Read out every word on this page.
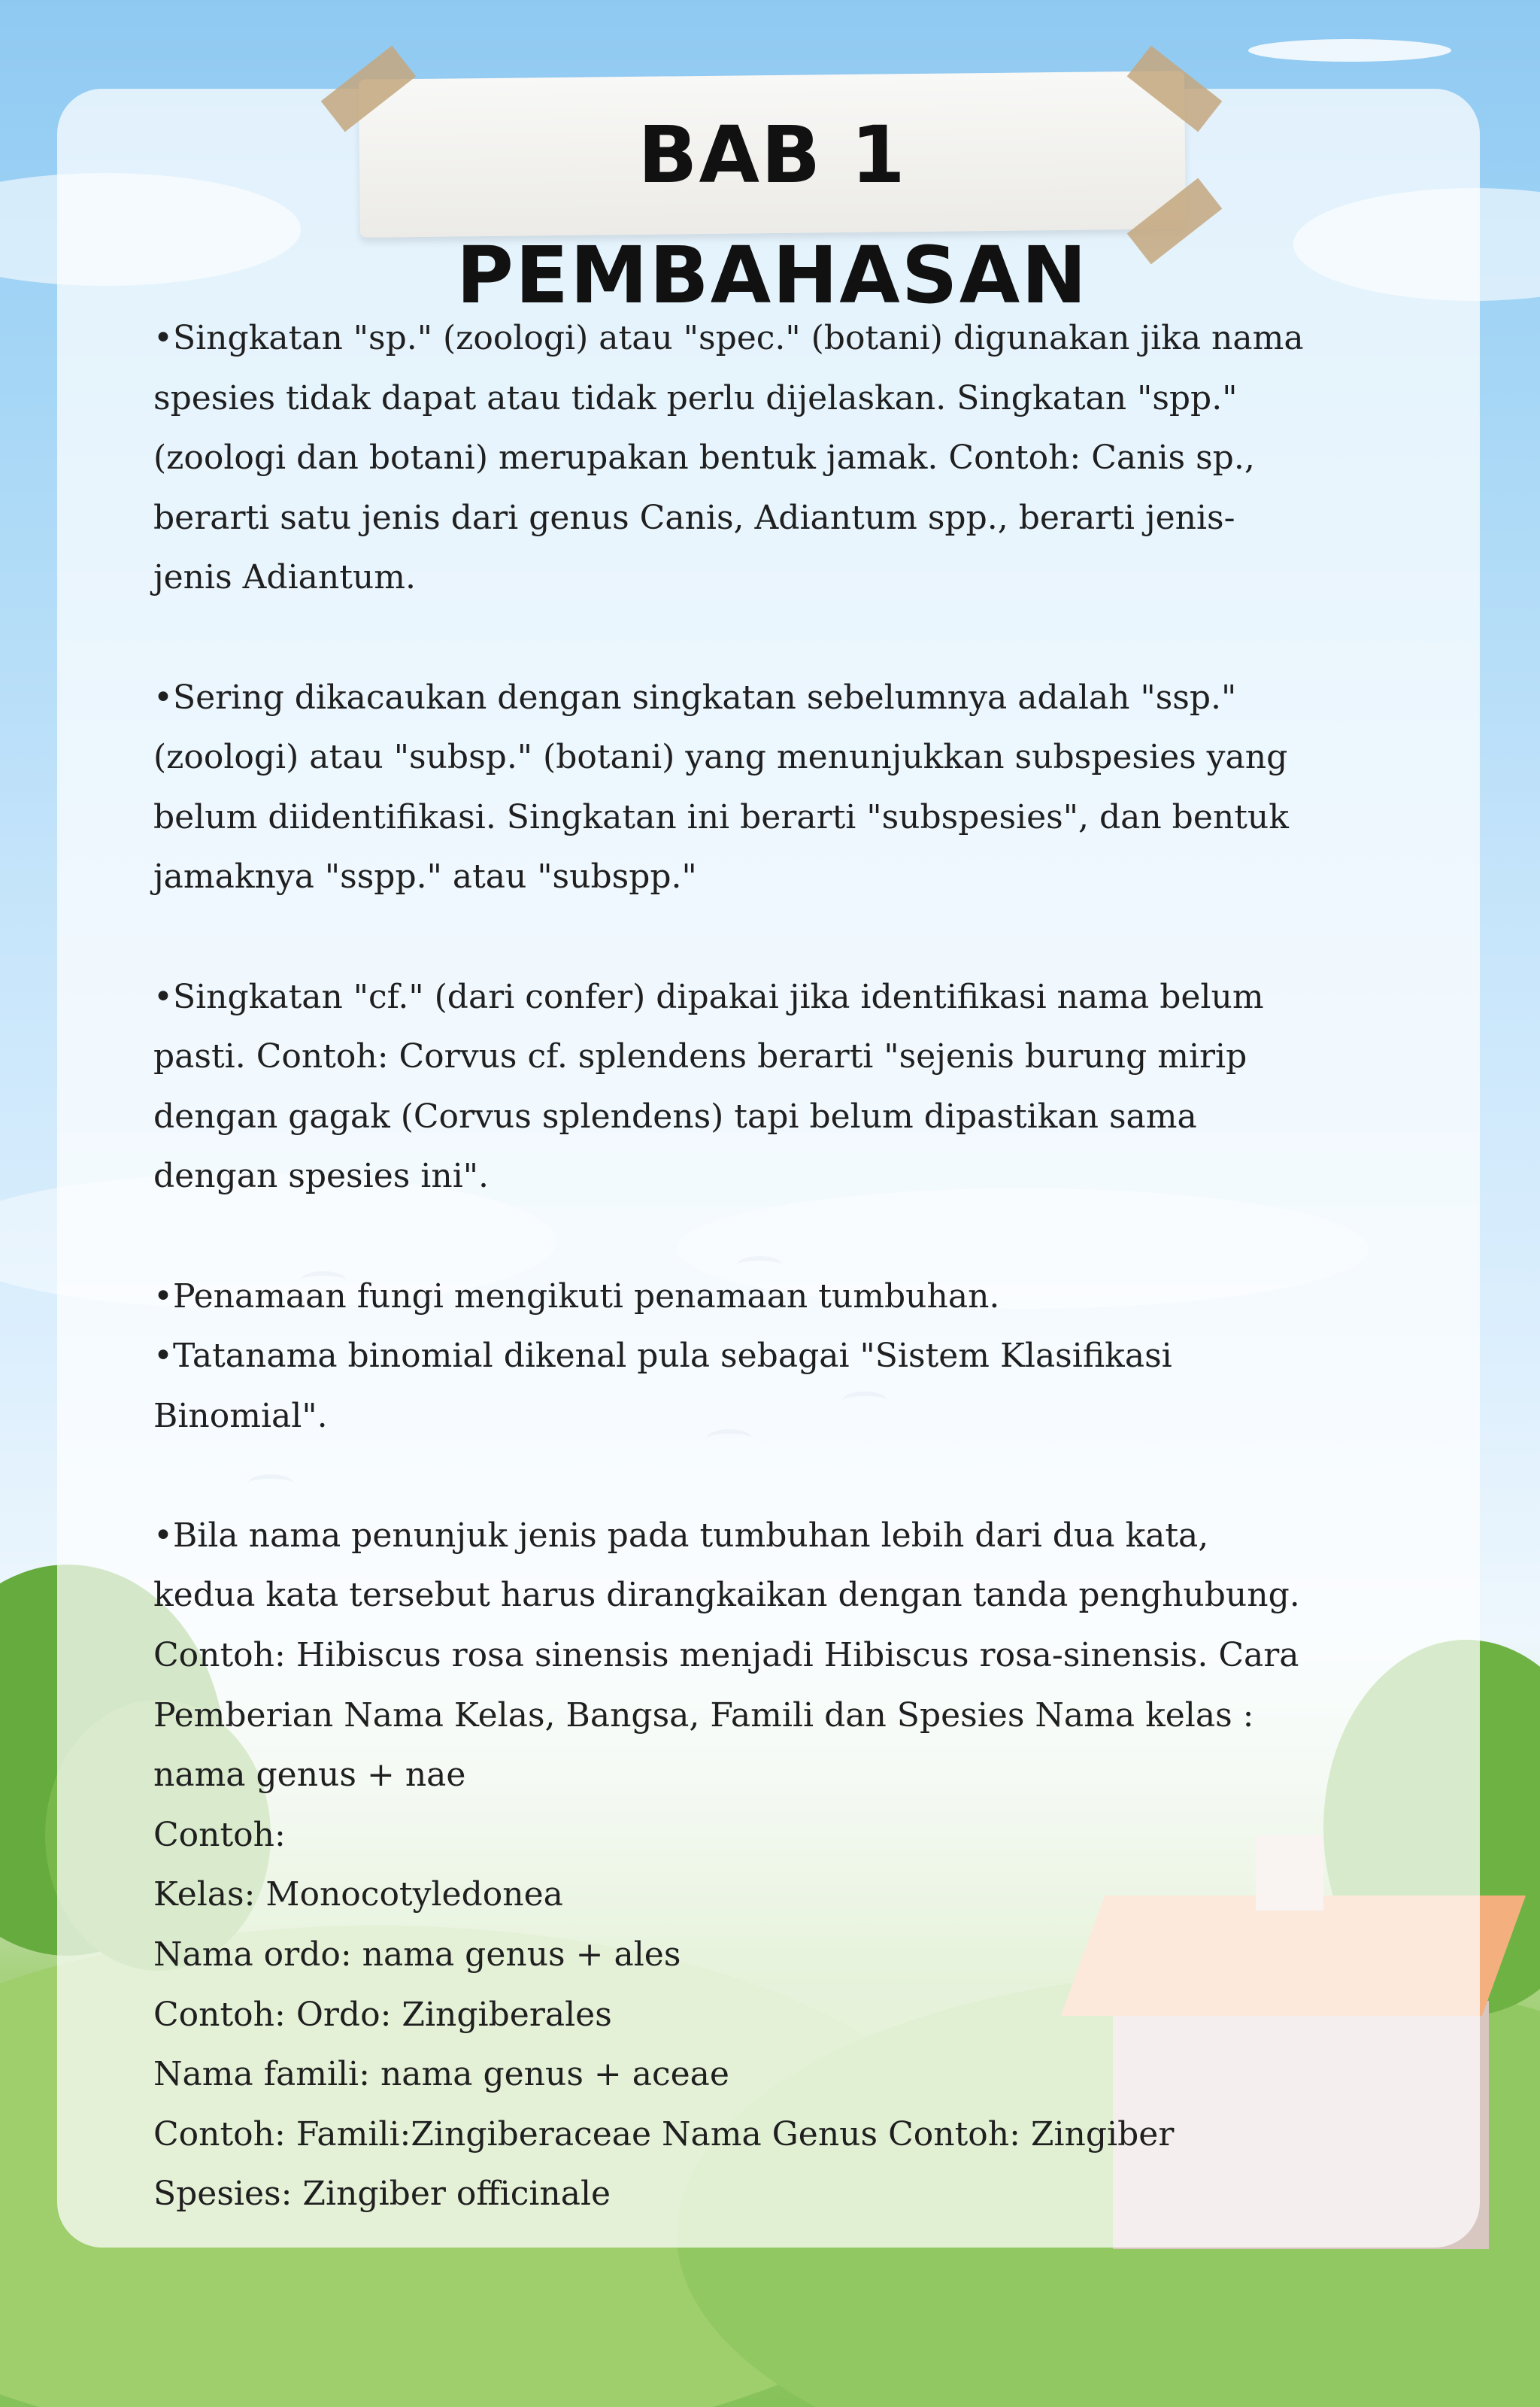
BAB 1 PEMBAHASAN
•Singkatan "sp." (zoologi) atau "spec." (botani) digunakan jika nama
spesies tidak dapat atau tidak perlu dijelaskan. Singkatan "spp."
(zoologi dan botani) merupakan bentuk jamak. Contoh: Canis sp.,
berarti satu jenis dari genus Canis, Adiantum spp., berarti jenis-
jenis Adiantum.
•Sering dikacaukan dengan singkatan sebelumnya adalah "ssp."
(zoologi) atau "subsp." (botani) yang menunjukkan subspesies yang
belum diidentifikasi. Singkatan ini berarti "subspesies", dan bentuk
jamaknya "sspp." atau "subspp."
•Singkatan "cf." (dari confer) dipakai jika identifikasi nama belum
pasti. Contoh: Corvus cf. splendens berarti "sejenis burung mirip
dengan gagak (Corvus splendens) tapi belum dipastikan sama
dengan spesies ini".
•Penamaan fungi mengikuti penamaan tumbuhan.
•Tatanama binomial dikenal pula sebagai "Sistem Klasifikasi
Binomial".
•Bila nama penunjuk jenis pada tumbuhan lebih dari dua kata,
kedua kata tersebut harus dirangkaikan dengan tanda penghubung.
Contoh: Hibiscus rosa sinensis menjadi Hibiscus rosa-sinensis. Cara
Pemberian Nama Kelas, Bangsa, Famili dan Spesies Nama kelas :
nama genus + nae
Contoh:
Kelas: Monocotyledonea
Nama ordo: nama genus + ales
Contoh: Ordo: Zingiberales
Nama famili: nama genus + aceae
Contoh: Famili:Zingiberaceae Nama Genus Contoh: Zingiber
Spesies: Zingiber officinale
